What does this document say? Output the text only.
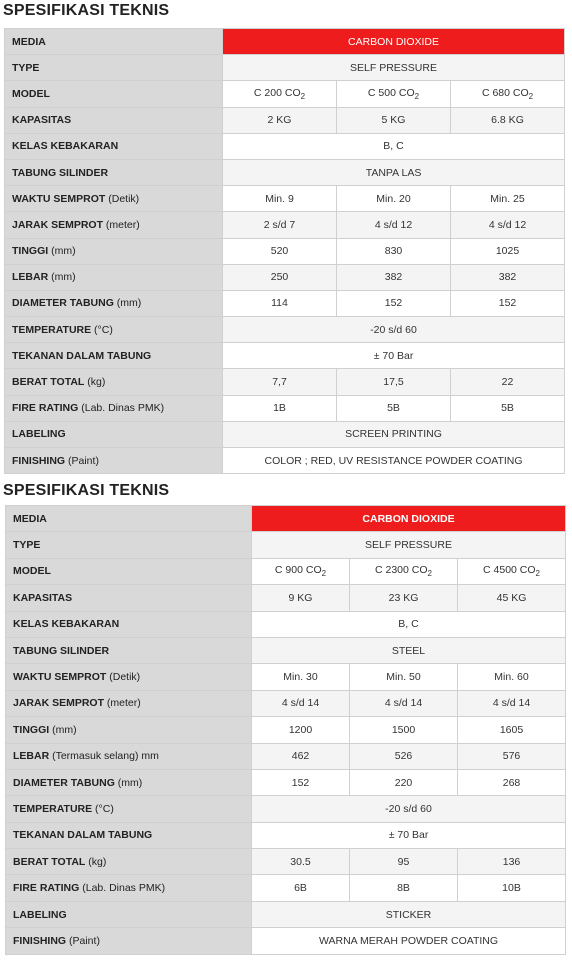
SPESIFIKASI TEKNIS
MEDIA	CARBON DIOXIDE		
TYPE	SELF PRESSURE		
MODEL	C 200 $CO_2$	C 500 $CO_2$	C 680 $CO_2$
KAPASITAS	2 KG	5 KG	6.8 KG
KELAS KEBAKARAN	B, C		
TABUNG SILINDER	TANPA LAS		
WAKTU SEMPROT (Detik)	Min. 9	Min. 20	Min. 25
JARAK SEMPROT (meter)	2 s/d 7	4 s/d 12	4 s/d 12
TINGGI (mm)	520	830	1025
LEBAR (mm)	250	382	382
DIAMETER TABUNG (mm)	114	152	152
TEMPERATURE (°C)	-20 s/d 60		
TEKANAN DALAM TABUNG	± 70 Bar		
BERAT TOTAL (kg)	7,7	17,5	22
FIRE RATING (Lab. Dinas PMK)	1B	5B	5B
LABELING	SCREEN PRINTING		
FINISHING (Paint)	COLOR ; RED, UV RESISTANCE POWDER COATING		
SPESIFIKASI TEKNIS
MEDIA	CARBON DIOXIDE		
TYPE	SELF PRESSURE		
MODEL	C 900 $CO_2$	C 2300 $CO_2$	C 4500 $CO_2$
KAPASITAS	9 KG	23 KG	45 KG
KELAS KEBAKARAN	B, C		
TABUNG SILINDER	STEEL		
WAKTU SEMPROT (Detik)	Min. 30	Min. 50	Min. 60
JARAK SEMPROT (meter)	4 s/d 14	4 s/d 14	4 s/d 14
TINGGI (mm)	1200	1500	1605
LEBAR (Termasuk selang) mm	462	526	576
DIAMETER TABUNG (mm)	152	220	268
TEMPERATURE (°C)	-20 s/d 60		
TEKANAN DALAM TABUNG	± 70 Bar		
BERAT TOTAL (kg)	30.5	95	136
FIRE RATING (Lab. Dinas PMK)	6B	8B	10B
LABELING	STICKER		
FINISHING (Paint)	WARNA MERAH POWDER COATING		
